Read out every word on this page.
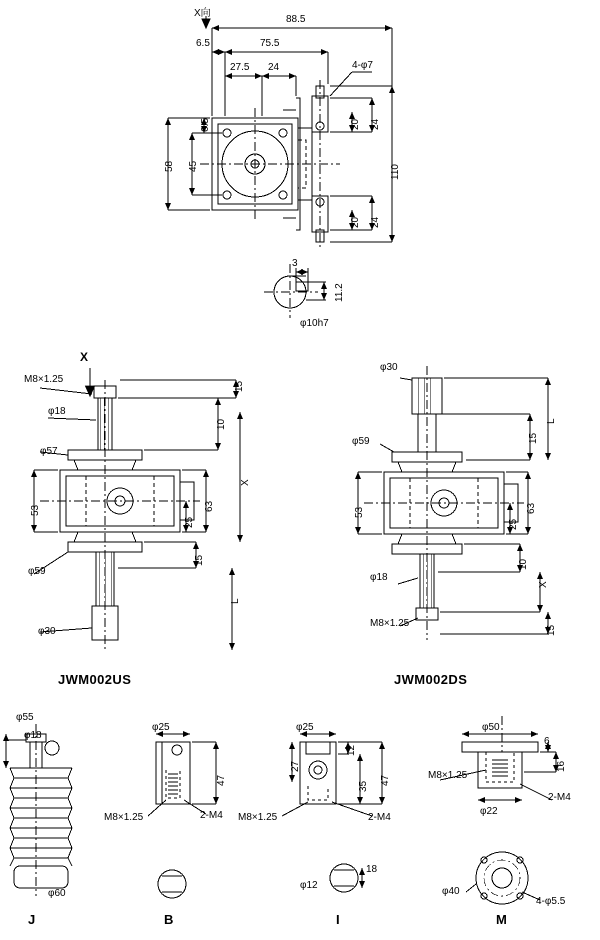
X向
88.5
75.5
6.5
27.5 24
6.5
58 45	110
20 24
20 24
4-φ7
3
11.2
φ10h7
X
M8×1.25
φ18
φ57
53
φ59
φ30
15
10
X
63
25
15
L
φ30
φ59
53
φ18
M8×1.25
L
15
63
25
10
X
15
JWM002US	JWM002DS
φ55
φ18
φ60
J
φ25
47
M8×1.25	2-M4
B
φ25
12
27
35
47
M8×1.25	2-M4
φ12
18
I
φ50
6
16
M8×1.25
2-M4
φ22
φ40
4-φ5.5
M
